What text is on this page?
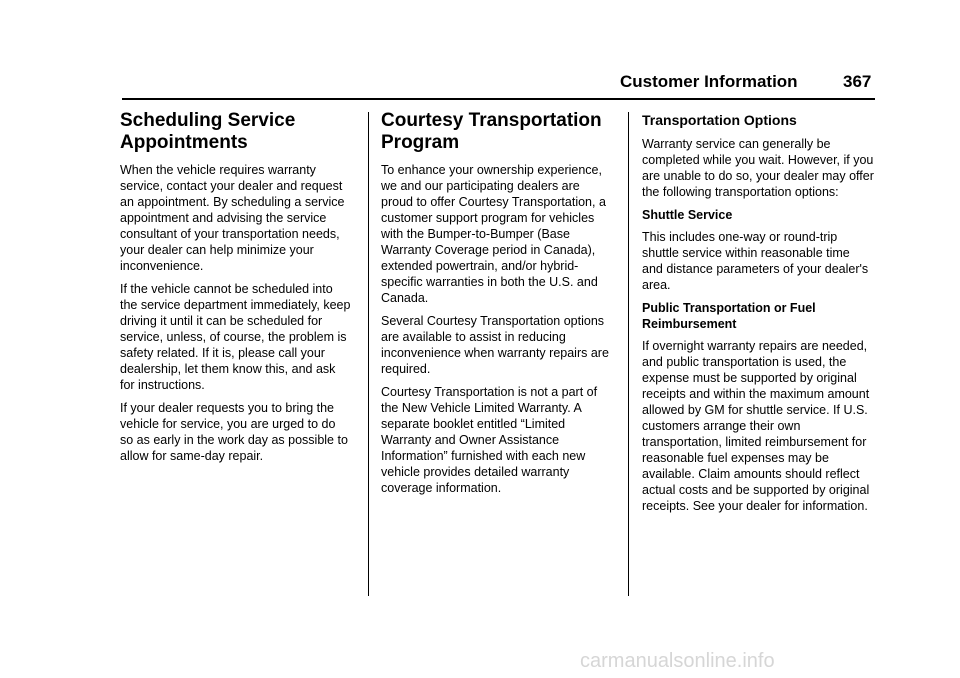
Customer Information	367
Scheduling Service Appointments

When the vehicle requires warranty service, contact your dealer and request an appointment. By scheduling a service appointment and advising the service consultant of your transportation needs, your dealer can help minimize your inconvenience.

If the vehicle cannot be scheduled into the service department immediately, keep driving it until it can be scheduled for service, unless, of course, the problem is safety related. If it is, please call your dealership, let them know this, and ask for instructions.

If your dealer requests you to bring the vehicle for service, you are urged to do so as early in the work day as possible to allow for same-day repair.

Courtesy Transportation Program

To enhance your ownership experience, we and our participating dealers are proud to offer Courtesy Transportation, a customer support program for vehicles with the Bumper-to-Bumper (Base Warranty Coverage period in Canada), extended powertrain, and/or hybrid-specific warranties in both the U.S. and Canada.

Several Courtesy Transportation options are available to assist in reducing inconvenience when warranty repairs are required.

Courtesy Transportation is not a part of the New Vehicle Limited Warranty. A separate booklet entitled “Limited Warranty and Owner Assistance Information” furnished with each new vehicle provides detailed warranty coverage information.

Transportation Options

Warranty service can generally be completed while you wait. However, if you are unable to do so, your dealer may offer the following transportation options:

Shuttle Service

This includes one-way or round-trip shuttle service within reasonable time and distance parameters of your dealer's area.

Public Transportation or Fuel Reimbursement

If overnight warranty repairs are needed, and public transportation is used, the expense must be supported by original receipts and within the maximum amount allowed by GM for shuttle service. If U.S. customers arrange their own transportation, limited reimbursement for reasonable fuel expenses may be available. Claim amounts should reflect actual costs and be supported by original receipts. See your dealer for information.

carmanualsonline.info
